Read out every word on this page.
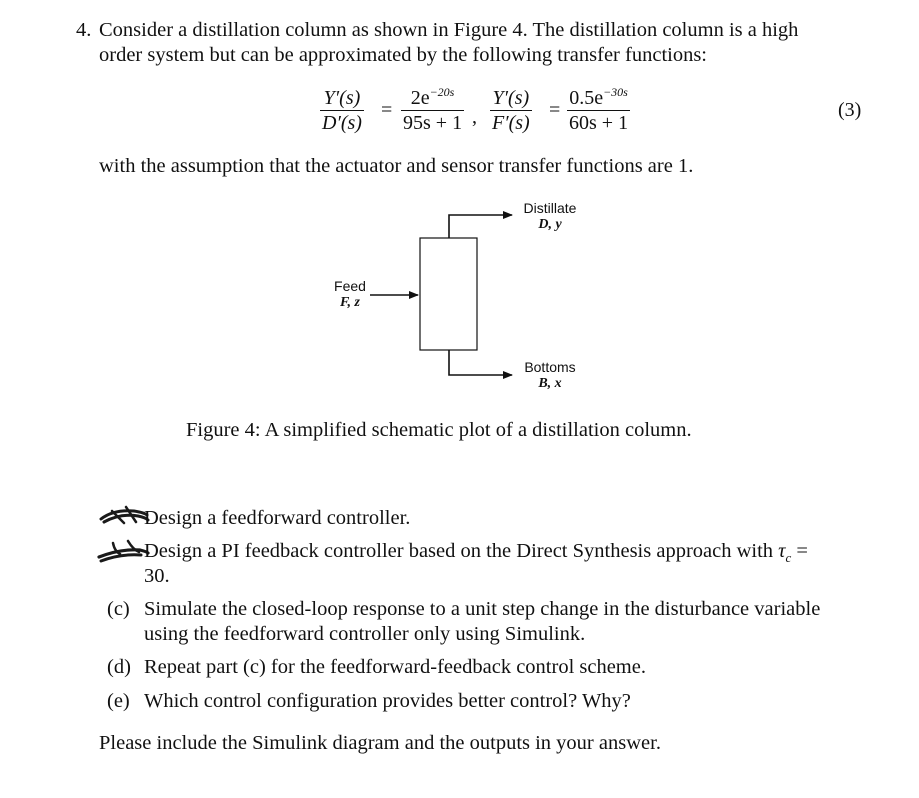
4. Consider a distillation column as shown in Figure 4. The distillation column is a high
order system but can be approximated by the following transfer functions:
Y′(s)
D′(s)
=
$2e^{-20s}$
95s + 1 ,
Y′(s)
F′(s)
=
$0.5e^{-30s}$
60s + 1
(3)
with the assumption that the actuator and sensor transfer functions are 1.
Distillate
D, y
Feed
F, z
Bottoms
B, x
Figure 4: A simplified schematic plot of a distillation column.
Design a feedforward controller.
Design a PI feedback controller based on the Direct Synthesis approach with $\tau_c$ =
30.
(c) Simulate the closed-loop response to a unit step change in the disturbance variable
using the feedforward controller only using Simulink.
(d) Repeat part (c) for the feedforward-feedback control scheme.
(e) Which control configuration provides better control? Why?
Please include the Simulink diagram and the outputs in your answer.
